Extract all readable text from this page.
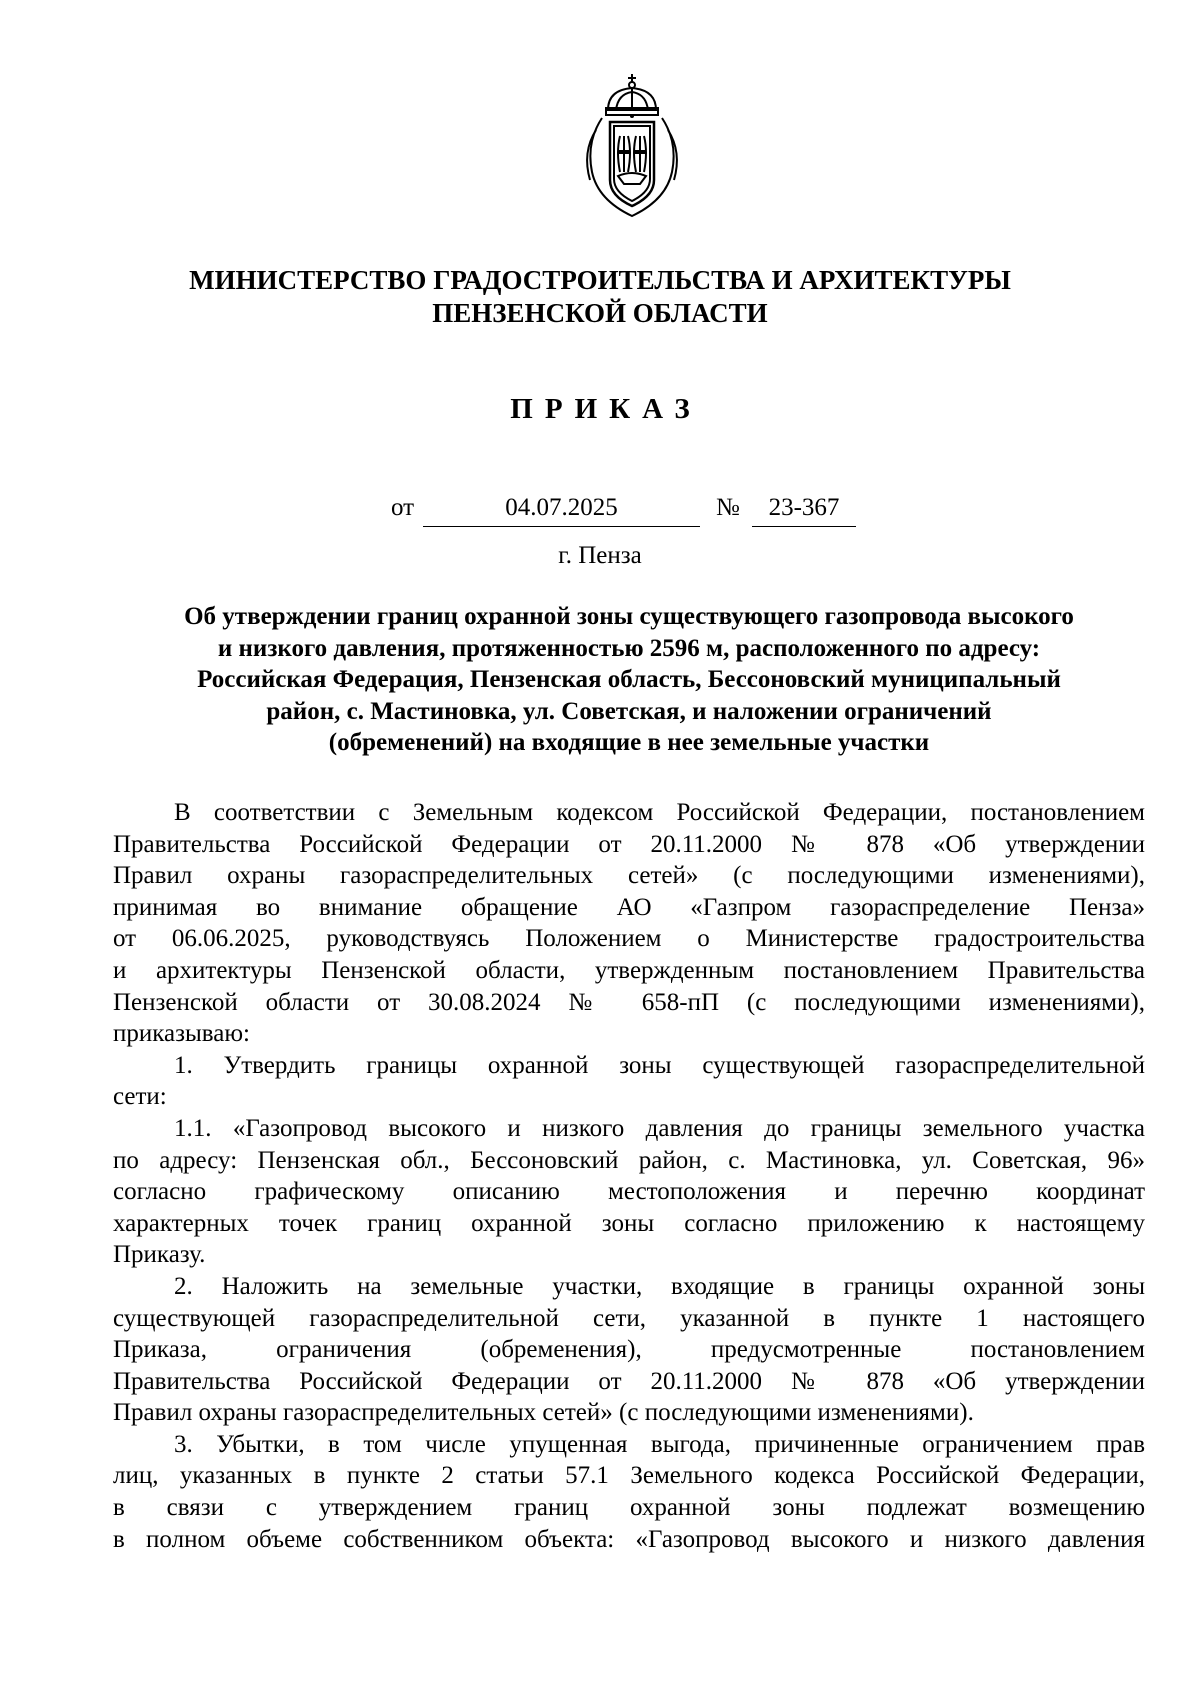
МИНИСТЕРСТВО ГРАДОСТРОИТЕЛЬСТВА И АРХИТЕКТУРЫ
ПЕНЗЕНСКОЙ ОБЛАСТИ
ПРИКАЗ
от	04.07.2025	№	23-367
г. Пенза
Об утверждении границ охранной зоны существующего газопровода высокого
и низкого давления, протяженностью 2596 м, расположенного по адресу:
Российская Федерация, Пензенская область, Бессоновский муниципальный
район, с. Мастиновка, ул. Советская, и наложении ограничений
(обременений) на входящие в нее земельные участки
В соответствии с Земельным кодексом Российской Федерации, постановлением
Правительства Российской Федерации от 20.11.2000 № 878 «Об утверждении
Правил охраны газораспределительных сетей» (с последующими изменениями),
принимая во внимание обращение АО «Газпром газораспределение Пенза»
от 06.06.2025, руководствуясь Положением о Министерстве градостроительства
и архитектуры Пензенской области, утвержденным постановлением Правительства
Пензенской области от 30.08.2024 № 658-пП (с последующими изменениями),
приказываю:
1. Утвердить границы охранной зоны существующей газораспределительной
сети:
1.1. «Газопровод высокого и низкого давления до границы земельного участка
по адресу: Пензенская обл., Бессоновский район, с. Мастиновка, ул. Советская, 96»
согласно графическому описанию местоположения и перечню координат
характерных точек границ охранной зоны согласно приложению к настоящему
Приказу.
2. Наложить на земельные участки, входящие в границы охранной зоны
существующей газораспределительной сети, указанной в пункте 1 настоящего
Приказа, ограничения (обременения), предусмотренные постановлением
Правительства Российской Федерации от 20.11.2000 № 878 «Об утверждении
Правил охраны газораспределительных сетей» (с последующими изменениями).
3. Убытки, в том числе упущенная выгода, причиненные ограничением прав
лиц, указанных в пункте 2 статьи 57.1 Земельного кодекса Российской Федерации,
в связи с утверждением границ охранной зоны подлежат возмещению
в полном объеме собственником объекта: «Газопровод высокого и низкого давления
